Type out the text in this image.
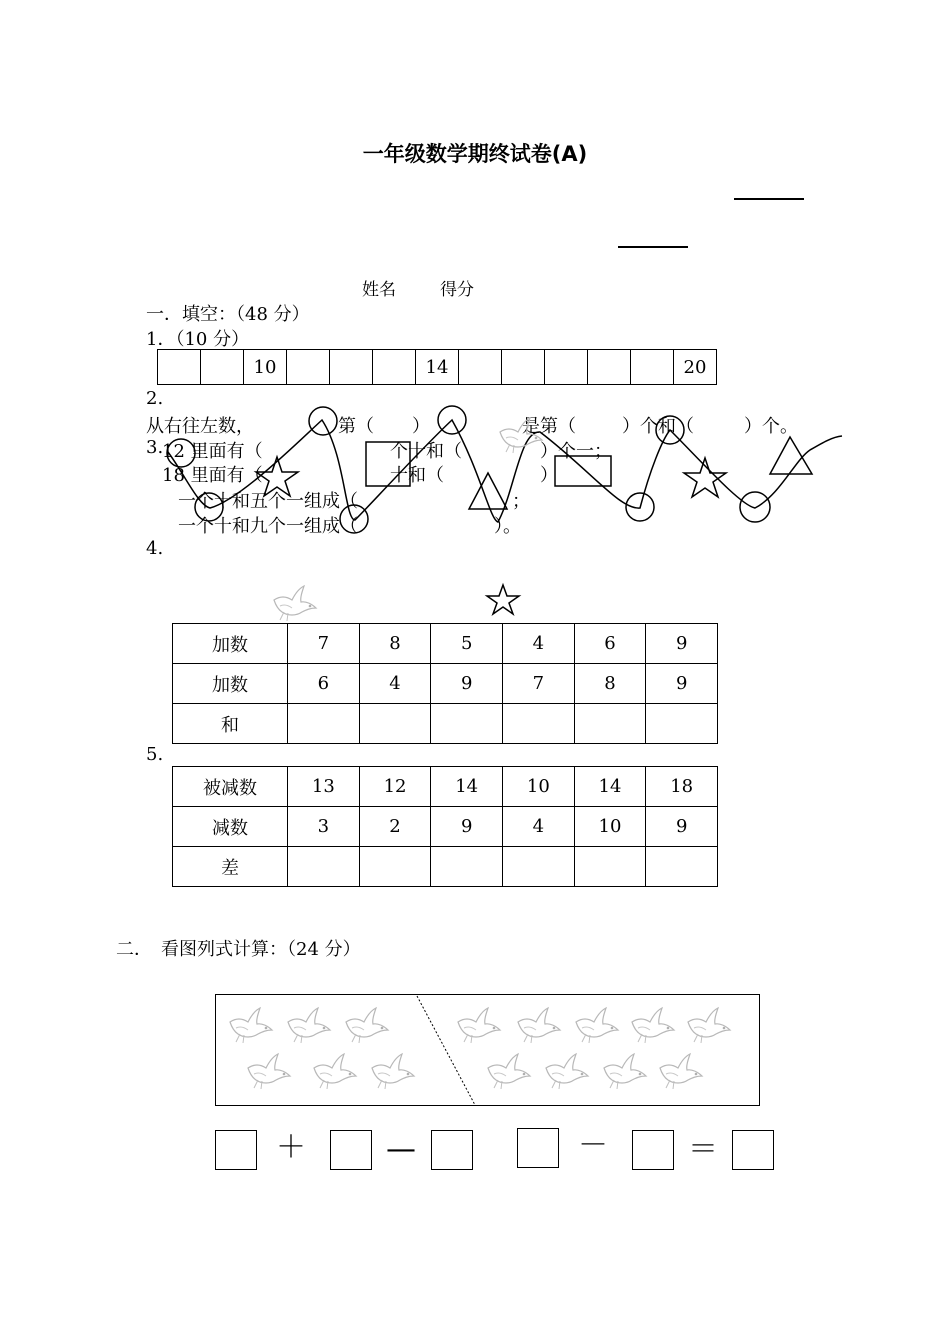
一年级数学期终试卷(A)
姓名	得分
一．填空：（48 分）
1．（10 分）
		10				14						20
2.
从右往左数，	第（ ）	是第（	）个和（	）个。
3.
12 里面有（	个十和（	）个一；
18 里面有（	十和（	）
一个十和五个一组成（	；
一个十和九个一组成（	）。
4.
加数	7	8	5	4	6	9
加数	6	4	9	7	8	9
和						
5.
被减数	13	12	14	10	14	18
减数	3	2	9	4	10	9
差						
二．　看图列式计算：（24 分）
＋	—	－	＝
